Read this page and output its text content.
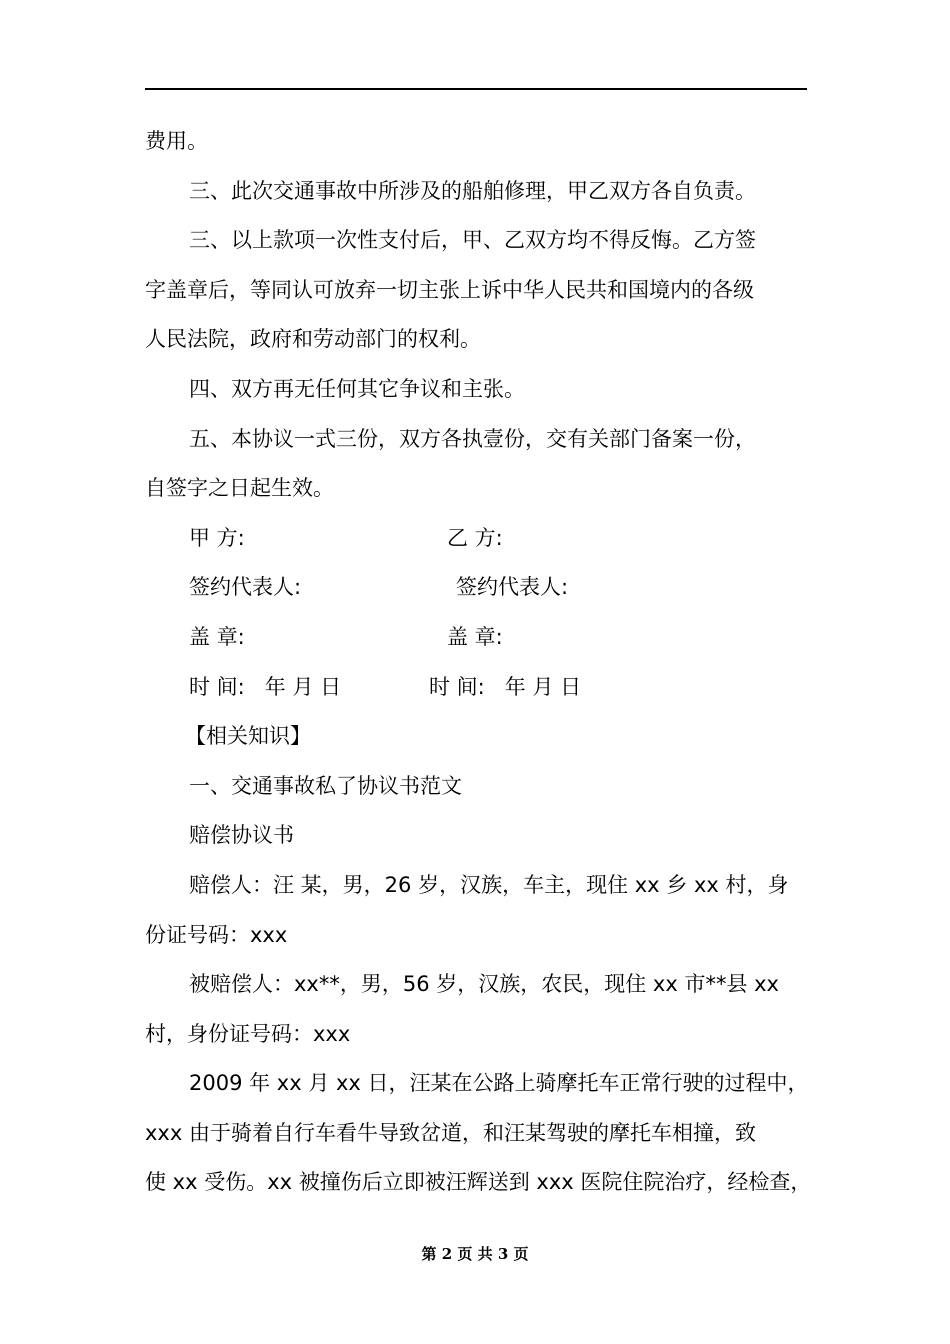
费用。
三、此次交通事故中所涉及的船舶修理，甲乙双方各自负责。
三、以上款项一次性支付后，甲、乙双方均不得反悔。乙方签
字盖章后，等同认可放弃一切主张上诉中华人民共和国境内的各级
人民法院，政府和劳动部门的权利。
四、双方再无任何其它争议和主张。
五、本协议一式三份，双方各执壹份，交有关部门备案一份，
自签字之日起生效。
甲 方:	乙 方:
签约代表人:	签约代表人:
盖 章:	盖 章:
时 间:   年 月 日	时 间:   年 月 日
【相关知识】
一、交通事故私了协议书范文
赔偿协议书
赔偿人：汪 某，男，26 岁，汉族，车主，现住 xx 乡 xx 村，身
份证号码：xxx
被赔偿人：xx**，男，56 岁，汉族，农民，现住 xx 市**县 xx
村，身份证号码：xxx
2009 年 xx 月 xx 日，汪某在公路上骑摩托车正常行驶的过程中，
xxx 由于骑着自行车看牛导致岔道，和汪某驾驶的摩托车相撞，致
使 xx 受伤。xx 被撞伤后立即被汪辉送到 xxx 医院住院治疗，经检查，
第 2 页 共 3 页
